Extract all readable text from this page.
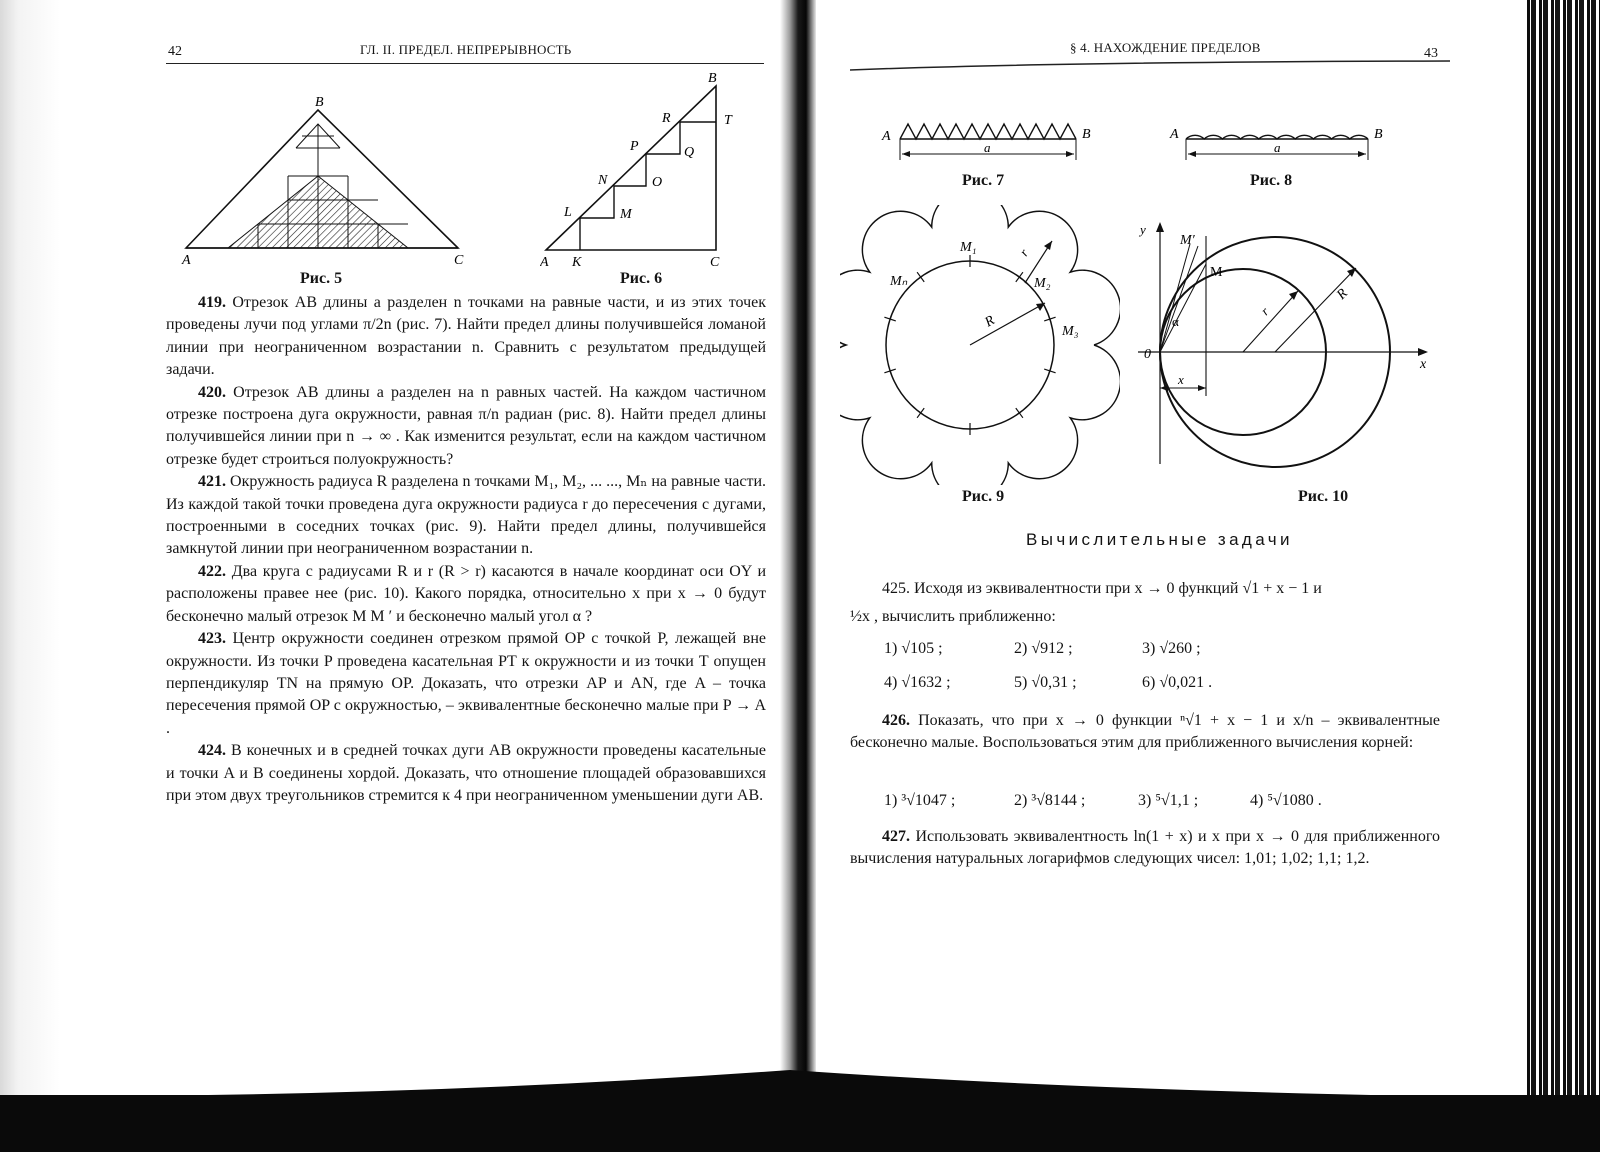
42	ГЛ. II. ПРЕДЕЛ. НЕПРЕРЫВНОСТЬ
A
B
C
Рис. 5
A K	C
B
T
R
Q
P
O
N
M
L
Рис. 6

419. Отрезок AB длины a разделен n точками на равные части, и из этих точек проведены лучи под углами π/2n (рис. 7). Найти предел длины получившейся ломаной линии при неограниченном возрастании n. Сравнить с результатом предыдущей задачи.

420. Отрезок AB длины a разделен на n равных частей. На каждом частичном отрезке построена дуга окружности, равная π/n радиан (рис. 8). Найти предел длины получившейся линии при n → ∞ . Как изменится результат, если на каждом частичном отрезке будет строиться полуокружность?

421. Окружность радиуса R разделена n точками M₁, M₂, ... ..., Mₙ на равные части. Из каждой такой точки проведена дуга окружности радиуса r до пересечения с дугами, построенными в соседних точках (рис. 9). Найти предел длины, получившейся замкнутой линии при неограниченном возрастании n.

422. Два круга с радиусами R и r (R > r) касаются в начале координат оси OY и расположены правее нее (рис. 10). Какого порядка, относительно x при x → 0 будут бесконечно малый отрезок M M ′ и бесконечно малый угол α ?

423. Центр окружности соединен отрезком прямой OP с точкой P, лежащей вне окружности. Из точки P проведена касательная PT к окружности и из точки T опущен перпендикуляр TN на прямую OP. Доказать, что отрезки AP и AN, где A – точка пересечения прямой OP с окружностью, – эквивалентные бесконечно малые при P → A .

424. В конечных и в средней точках дуги AB окружности проведены касательные и точки A и B соединены хордой. Доказать, что отношение площадей образовавшихся при этом двух треугольников стремится к 4 при неограниченном уменьшении дуги AB.

§ 4. НАХОЖДЕНИЕ ПРЕДЕЛОВ	43
A	B
a
Рис. 7
A	B
a
Рис. 8
M₁
M₂
M₃
Mₙ
R
r
Рис. 9
y
x
0
M′
M
α
R
r
x
Рис. 10
Вычислительные задачи

425. Исходя из эквивалентности при x → 0 функций √1 + x − 1 и

½x , вычислить приближенно:

1) √105 ;	2) √912 ;	3) √260 ;
4) √1632 ;	5) √0,31 ;	6) √0,021 .

426. Показать, что при x → 0 функции ⁿ√1 + x − 1 и x/n – эквивалентные бесконечно малые. Воспользоваться этим для приближенного вычисления корней:

1) ³√1047 ;	2) ³√8144 ;	3) ⁵√1,1 ;	4) ⁵√1080 .

427. Использовать эквивалентность ln(1 + x) и x при x → 0 для приближенного вычисления натуральных логарифмов следующих чисел: 1,01; 1,02; 1,1; 1,2.
